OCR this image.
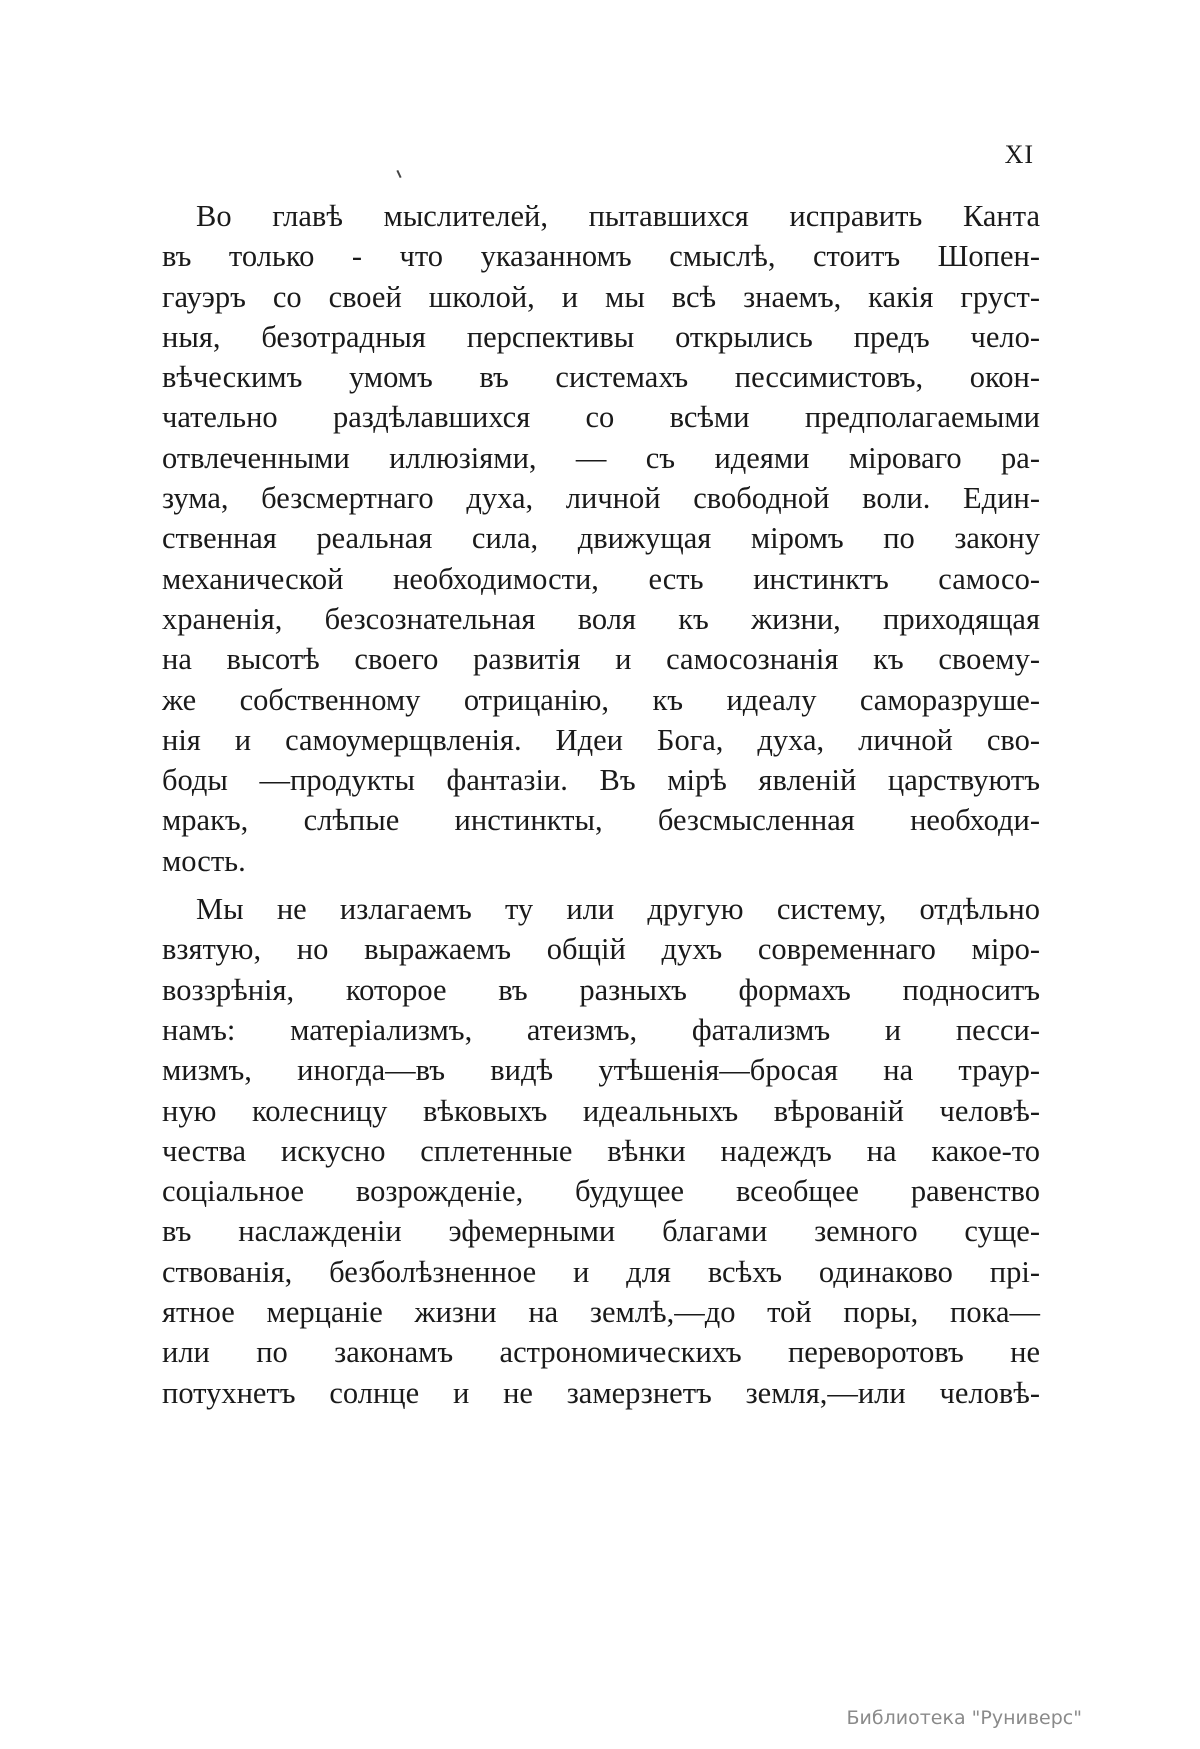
XI
Во главѣ мыслителей, пытавшихся исправить Канта
въ только - что указанномъ смыслѣ, стоитъ Шопен-
гауэръ со своей школой, и мы всѣ знаемъ, какія груст-
ныя, безотрадныя перспективы открылись предъ чело-
вѣческимъ умомъ въ системахъ пессимистовъ, окон-
чательно раздѣлавшихся со всѣми предполагаемыми
отвлеченными иллюзіями, — съ идеями міроваго ра-
зума, безсмертнаго духа, личной свободной воли. Един-
ственная реальная сила, движущая міромъ по закону
механической необходимости, есть инстинктъ самосо-
храненія, безсознательная воля къ жизни, приходящая
на высотѣ своего развитія и самосознанія къ своему-
же собственному отрицанію, къ идеалу саморазруше-
нія и самоумерщвленія. Идеи Бога, духа, личной сво-
боды —продукты фантазіи. Въ мірѣ явленій царствуютъ
мракъ, слѣпые инстинкты, безсмысленная необходи-
мость.
Мы не излагаемъ ту или другую систему, отдѣльно
взятую, но выражаемъ общій духъ современнаго міро-
воззрѣнія, которое въ разныхъ формахъ подноситъ
намъ: матеріализмъ, атеизмъ, фатализмъ и песси-
мизмъ, иногда—въ видѣ утѣшенія—бросая на траур-
ную колесницу вѣковыхъ идеальныхъ вѣрованій человѣ-
чества искусно сплетенные вѣнки надеждъ на какое-то
соціальное возрожденіе, будущее всеобщее равенство
въ наслажденіи эфемерными благами земного суще-
ствованія, безболѣзненное и для всѣхъ одинаково прі-
ятное мерцаніе жизни на землѣ,—до той поры, пока—
или по законамъ астрономическихъ переворотовъ не
потухнетъ солнце и не замерзнетъ земля,—или человѣ-
Библиотека "Руниверс"
